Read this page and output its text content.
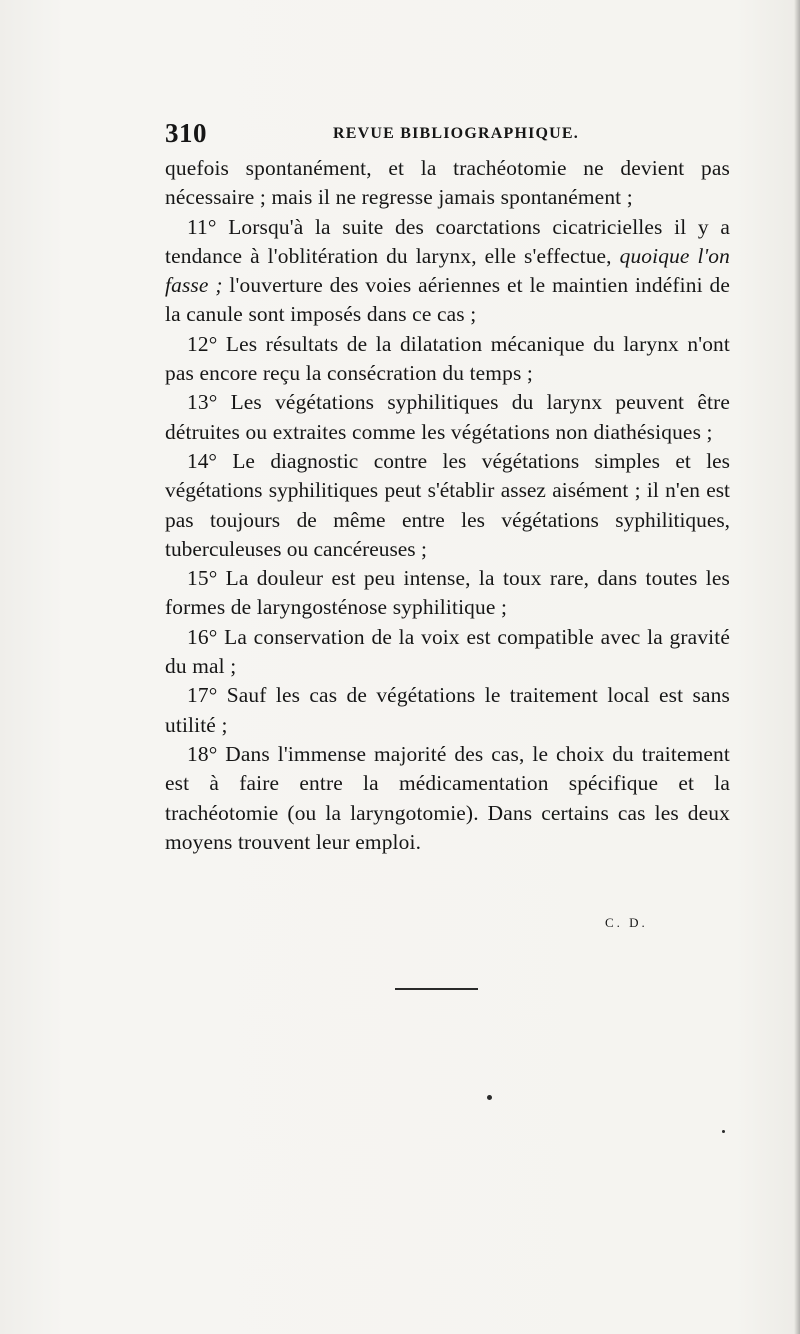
310	REVUE BIBLIOGRAPHIQUE.

quefois spontanément, et la trachéotomie ne devient pas nécessaire ; mais il ne regresse jamais spontanément ;

11° Lorsqu'à la suite des coarctations cicatricielles il y a tendance à l'oblitération du larynx, elle s'effectue, quoique l'on fasse ; l'ouverture des voies aériennes et le maintien indéfini de la canule sont imposés dans ce cas ;

12° Les résultats de la dilatation mécanique du larynx n'ont pas encore reçu la consécration du temps ;

13° Les végétations syphilitiques du larynx peuvent être détruites ou extraites comme les végétations non diathésiques ;

14° Le diagnostic contre les végétations simples et les végétations syphilitiques peut s'établir assez aisément ; il n'en est pas toujours de même entre les végétations syphilitiques, tuberculeuses ou cancéreuses ;

15° La douleur est peu intense, la toux rare, dans toutes les formes de laryngosténose syphilitique ;

16° La conservation de la voix est compatible avec la gravité du mal ;

17° Sauf les cas de végétations le traitement local est sans utilité ;

18° Dans l'immense majorité des cas, le choix du traitement est à faire entre la médicamentation spécifique et la trachéotomie (ou la laryngotomie). Dans certains cas les deux moyens trouvent leur emploi.

C. D.
